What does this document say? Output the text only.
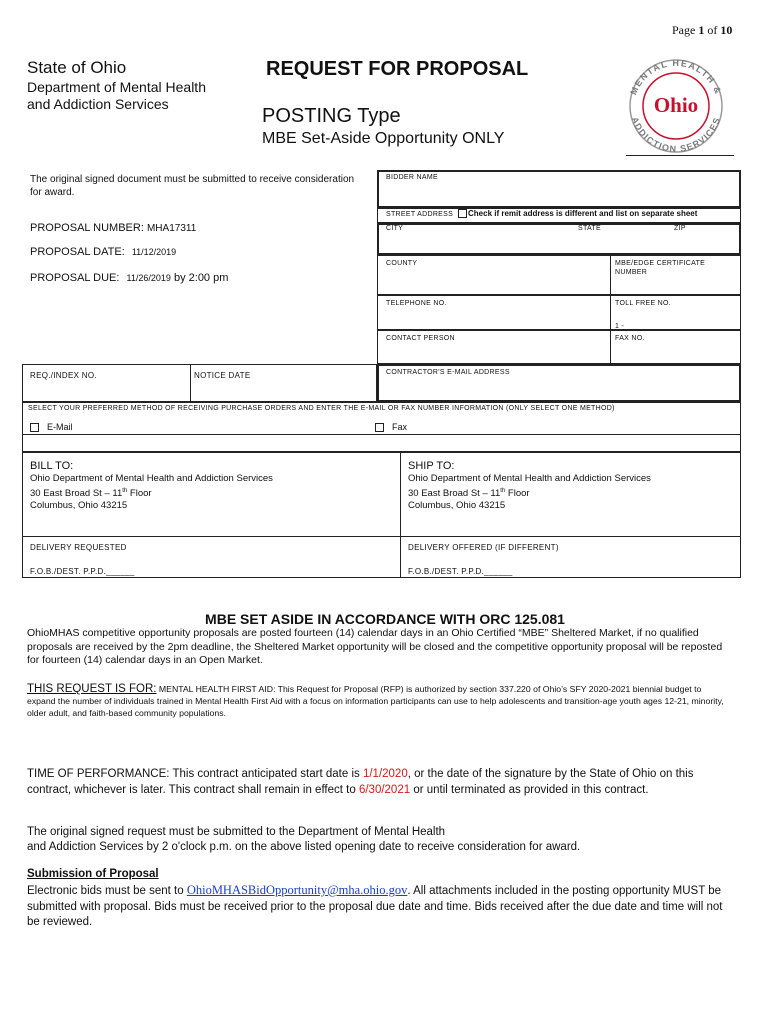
Page 1 of 10
State of Ohio
Department of Mental Health
and Addiction Services
REQUEST FOR PROPOSAL
POSTING Type
MBE Set-Aside Opportunity ONLY
MENTAL HEALTH &
ADDICTION SERVICES
Ohio
The original signed document must be submitted to receive consideration for award.
PROPOSAL NUMBER: MHA17311
PROPOSAL DATE: 11/12/2019
PROPOSAL DUE: 11/26/2019 by 2:00 pm
REQ./INDEX NO.	NOTICE DATE
BIDDER NAME
STREET ADDRESS	Check if remit address is different and list on separate sheet
CITY	STATE	ZIP
COUNTY	MBE/EDGE CERTIFICATE NUMBER
TELEPHONE NO.	TOLL FREE NO.
1 -
CONTACT PERSON	FAX NO.
CONTRACTOR'S E-MAIL ADDRESS
SELECT YOUR PREFERRED METHOD OF RECEIVING PURCHASE ORDERS AND ENTER THE E-MAIL OR FAX NUMBER INFORMATION (ONLY SELECT ONE METHOD)
E-Mail	Fax
BILL TO:
Ohio Department of Mental Health and Addiction Services
30 East Broad St – 11th Floor
Columbus, Ohio 43215
SHIP TO:
Ohio Department of Mental Health and Addiction Services
30 East Broad St – 11th Floor
Columbus, Ohio 43215
DELIVERY REQUESTED	DELIVERY OFFERED (IF DIFFERENT)
F.O.B./DEST. P.P.D.______	F.O.B./DEST. P.P.D.______
MBE SET ASIDE IN ACCORDANCE WITH ORC 125.081
OhioMHAS competitive opportunity proposals are posted fourteen (14) calendar days in an Ohio Certified “MBE” Sheltered Market, if no qualified proposals are received by the 2pm deadline, the Sheltered Market opportunity will be closed and the competitive opportunity proposal will be reposted for fourteen (14) calendar days in an Open Market.
THIS REQUEST IS FOR: MENTAL HEALTH FIRST AID: This Request for Proposal (RFP) is authorized by section 337.220 of Ohio’s SFY 2020-2021 biennial budget to expand the number of individuals trained in Mental Health First Aid with a focus on information participants can use to help adolescents and transition-age youth ages 12-21, minority, older adult, and faith-based community populations.
TIME OF PERFORMANCE: This contract anticipated start date is 1/1/2020, or the date of the signature by the State of Ohio on this contract, whichever is later. This contract shall remain in effect to 6/30/2021 or until terminated as provided in this contract.
The original signed request must be submitted to the Department of Mental Health
and Addiction Services by 2 o'clock p.m. on the above listed opening date to receive consideration for award.
Submission of Proposal
Electronic bids must be sent to OhioMHASBidOpportunity@mha.ohio.gov. All attachments included in the posting opportunity MUST be submitted with proposal. Bids must be received prior to the proposal due date and time. Bids received after the due date and time will not be reviewed.
